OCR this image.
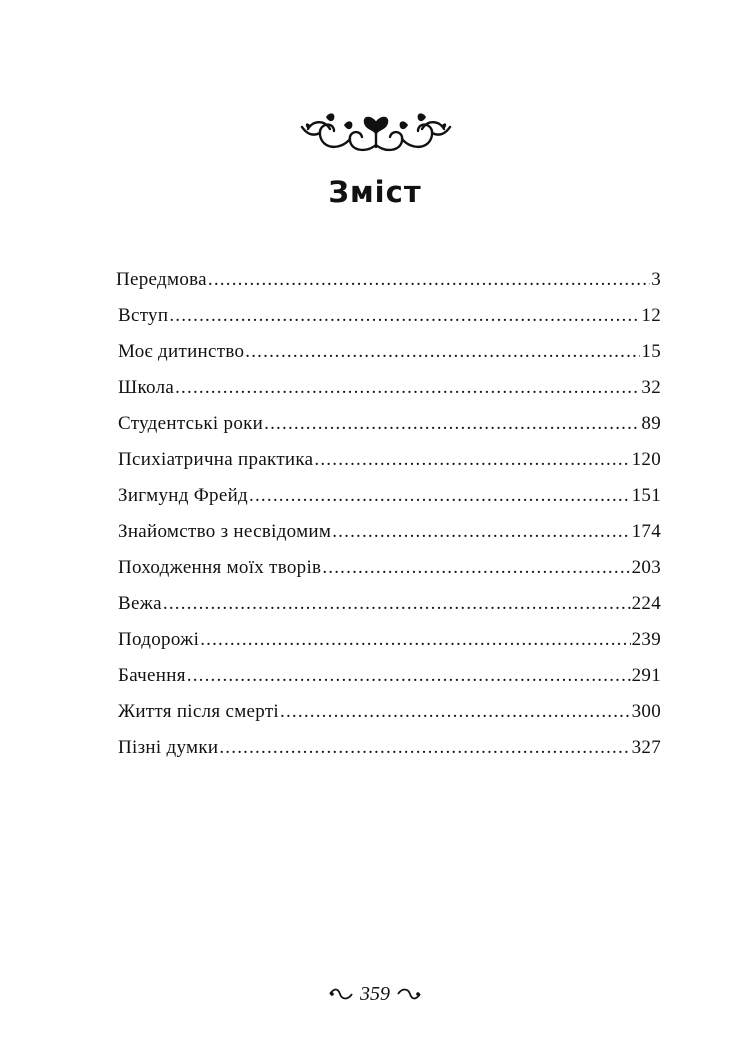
Зміст
Передмова .....	3
Вступ .....	12
Моє дитинство .....	15
Школа .....	32
Студентські роки .....	89
Психіатрична практика .....	120
Зигмунд Фрейд .....	151
Знайомство з несвідомим .....	174
Походження моїх творів .....	203
Вежа .....	224
Подорожі .....	239
Бачення .....	291
Життя після смерті .....	300
Пізні думки .....	327
359
